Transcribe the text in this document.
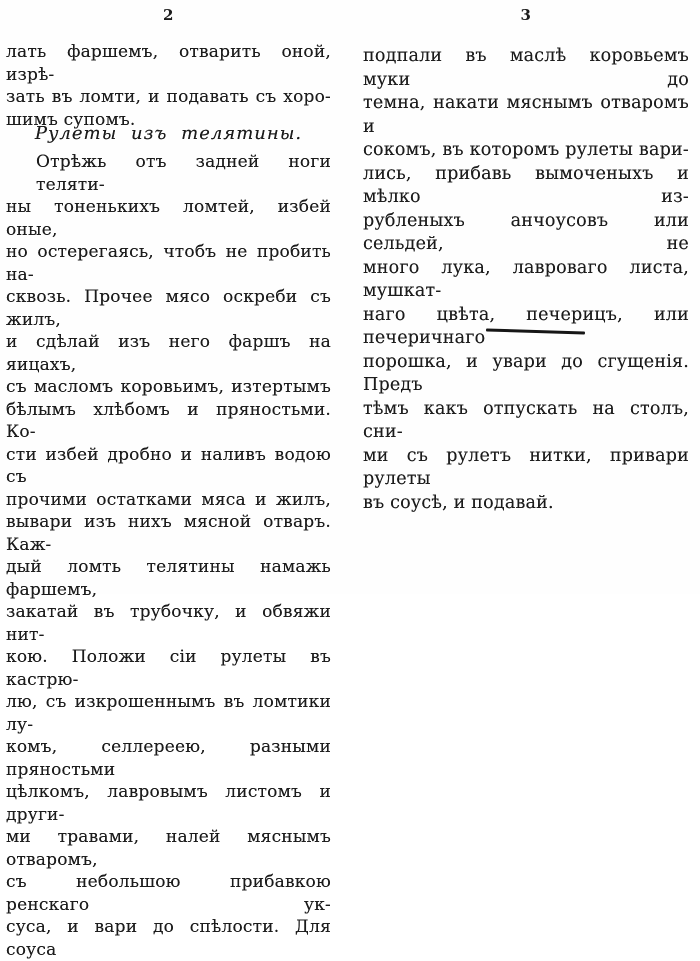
2	3
лать фаршемъ, отварить оной, изрѣ-
зать въ ломти, и подавать съ хоро-
шимъ супомъ.
Рулеты изъ телятины.
Отрѣжь отъ задней ноги теляти-
ны тоненькихъ ломтей, избей оные,
но остерегаясь, чтобъ не пробить на-
сквозь. Прочее мясо оскреби съ жилъ,
и сдѣлай изъ него фаршъ на яицахъ,
съ масломъ коровьимъ, изтертымъ
бѣлымъ хлѣбомъ и пряностьми. Ко-
сти избей дробно и наливъ водою съ
прочими остатками мяса и жилъ,
вывари изъ нихъ мясной отваръ. Каж-
дый ломть телятины намажь фаршемъ,
закатай въ трубочку, и обвяжи нит-
кою. Положи сіи рулеты въ кастрю-
лю, съ изкрошеннымъ въ ломтики лу-
комъ, селлереею, разными пряностьми
цѣлкомъ, лавровымъ листомъ и други-
ми травами, налей мяснымъ отваромъ,
съ небольшою прибавкою ренскаго ук-
суса, и вари до спѣлости. Для соуса
подпали въ маслѣ коровьемъ муки до
темна, накати мяснымъ отваромъ и
сокомъ, въ которомъ рулеты вари-
лись, прибавь вымоченыхъ и мѣлко из-
рубленыхъ анчоусовъ или сельдей, не
много лука, лавроваго листа, мушкат-
наго цвѣта, печерицъ, или печеричнаго
порошка, и увари до сгущенія. Предъ
тѣмъ какъ отпускать на столъ, сни-
ми съ рулетъ нитки, привари рулеты
въ соусѣ, и подавай.
